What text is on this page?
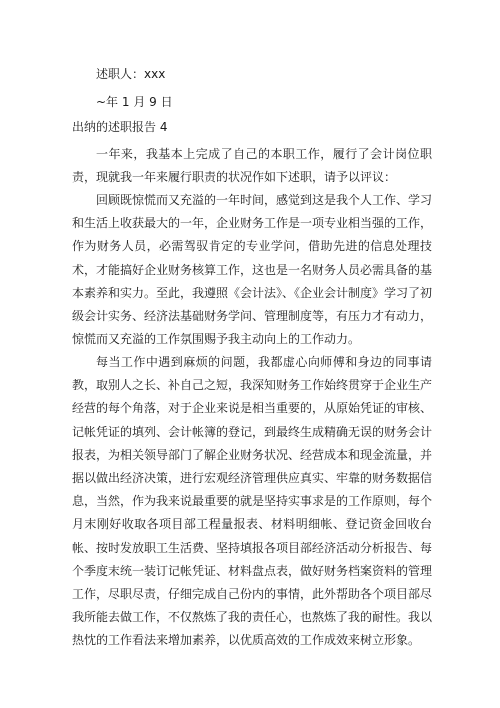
述职人：xxx
~年 1 月 9 日
出纳的述职报告 4

一年来，我基本上完成了自己的本职工作，履行了会计岗位职责，现就我一年来履行职责的状况作如下述职，请予以评议：

回顾既惊慌而又充溢的一年时间，感觉到这是我个人工作、学习和生活上收获最大的一年，企业财务工作是一项专业相当强的工作，作为财务人员，必需驾驭肯定的专业学问，借助先进的信息处理技术，才能搞好企业财务核算工作，这也是一名财务人员必需具备的基本素养和实力。至此，我遵照《会计法》、《企业会计制度》学习了初级会计实务、经济法基础财务学问、管理制度等，有压力才有动力，惊慌而又充溢的工作氛围赐予我主动向上的工作动力。

每当工作中遇到麻烦的问题，我都虚心向师傅和身边的同事请教，取别人之长、补自己之短，我深知财务工作始终贯穿于企业生产经营的每个角落，对于企业来说是相当重要的，从原始凭证的审核、记帐凭证的填列、会计帐簿的登记，到最终生成精确无误的财务会计报表，为相关领导部门了解企业财务状况、经营成本和现金流量，并据以做出经济决策，进行宏观经济管理供应真实、牢靠的财务数据信息，当然，作为我来说最重要的就是坚持实事求是的工作原则，每个月末刚好收取各项目部工程量报表、材料明细帐、登记资金回收台帐、按时发放职工生活费、坚持填报各项目部经济活动分析报告、每个季度末统一装订记帐凭证、材料盘点表，做好财务档案资料的管理工作，尽职尽责，仔细完成自己份内的事情，此外帮助各个项目部尽我所能去做工作，不仅熬炼了我的责任心，也熬炼了我的耐性。我以热忱的工作看法来增加素养，以优质高效的工作成效来树立形象。
